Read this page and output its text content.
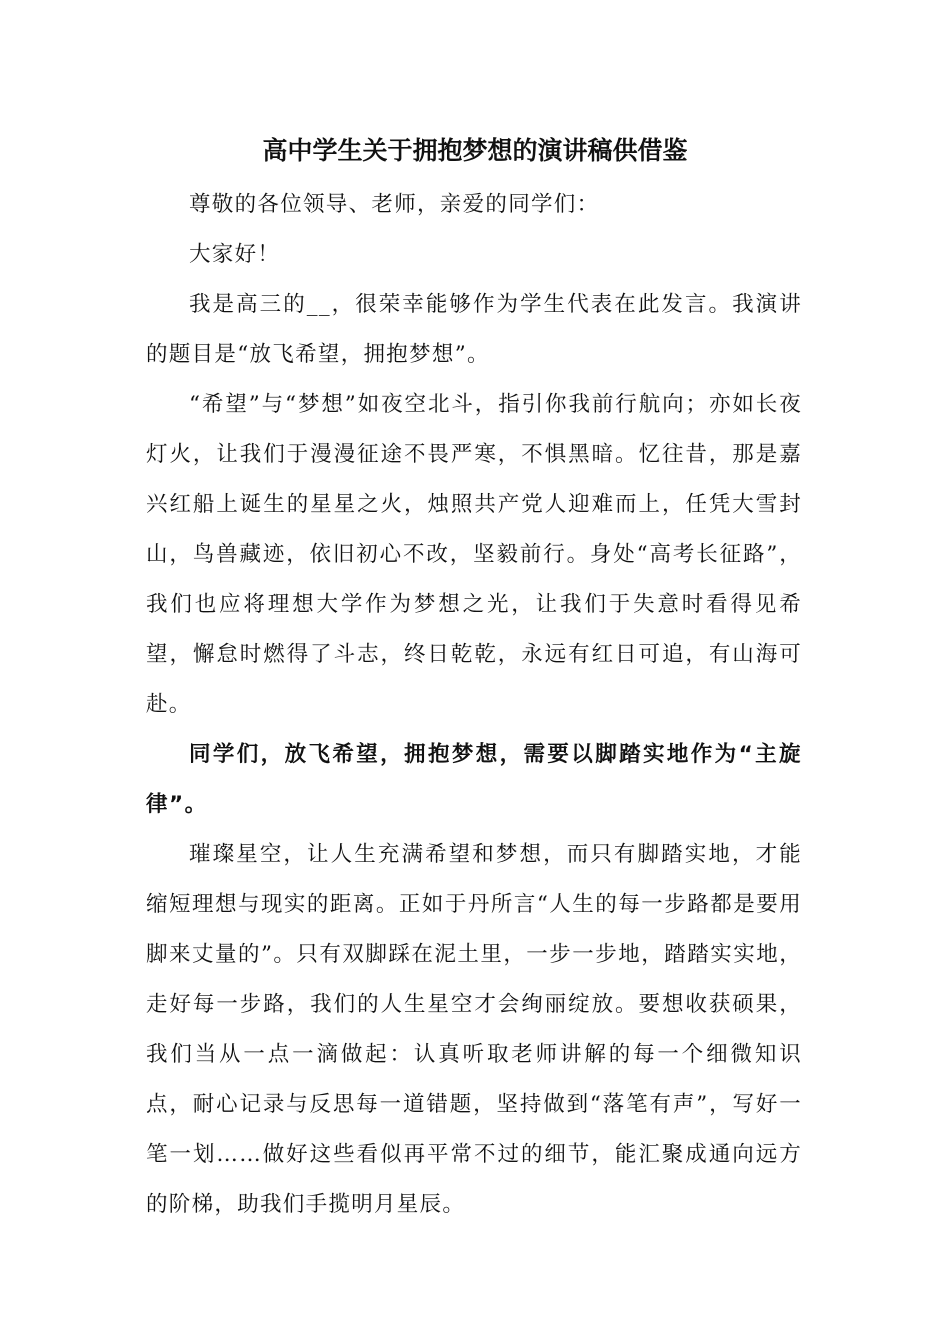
高中学生关于拥抱梦想的演讲稿供借鉴

尊敬的各位领导、老师，亲爱的同学们：

大家好！

我是高三的__，很荣幸能够作为学生代表在此发言。我演讲的题目是“放飞希望，拥抱梦想”。

“希望”与“梦想”如夜空北斗，指引你我前行航向；亦如长夜灯火，让我们于漫漫征途不畏严寒，不惧黑暗。忆往昔，那是嘉兴红船上诞生的星星之火，烛照共产党人迎难而上，任凭大雪封山，鸟兽藏迹，依旧初心不改，坚毅前行。身处“高考长征路”，我们也应将理想大学作为梦想之光，让我们于失意时看得见希望，懈怠时燃得了斗志，终日乾乾，永远有红日可追，有山海可赴。

同学们，放飞希望，拥抱梦想，需要以脚踏实地作为“主旋律”。

璀璨星空，让人生充满希望和梦想，而只有脚踏实地，才能缩短理想与现实的距离。正如于丹所言“人生的每一步路都是要用脚来丈量的”。只有双脚踩在泥土里，一步一步地，踏踏实实地，走好每一步路，我们的人生星空才会绚丽绽放。要想收获硕果，我们当从一点一滴做起：认真听取老师讲解的每一个细微知识点，耐心记录与反思每一道错题，坚持做到“落笔有声”，写好一笔一划……做好这些看似再平常不过的细节，能汇聚成通向远方的阶梯，助我们手揽明月星辰。
